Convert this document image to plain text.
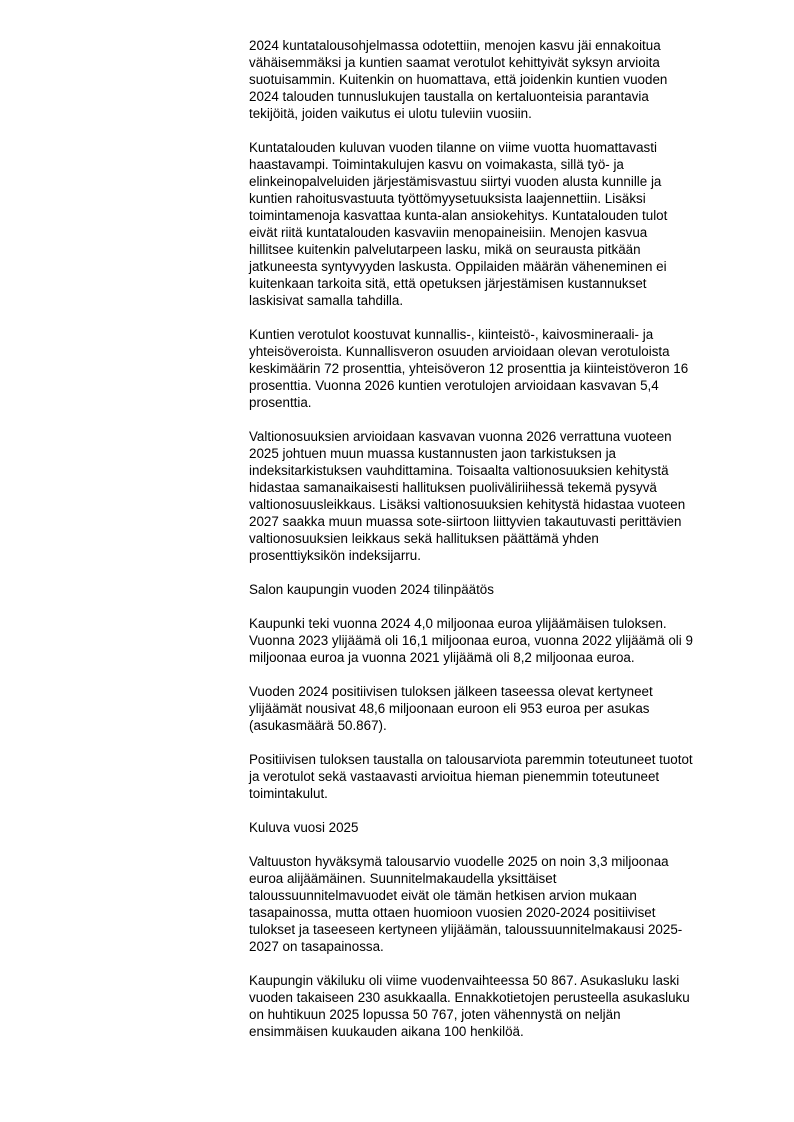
2024 kuntatalousohjelmassa odotettiin, menojen kasvu jäi ennakoitua
vähäisemmäksi ja kuntien saamat verotulot kehittyivät syksyn arvioita
suotuisammin. Kuitenkin on huomattava, että joidenkin kuntien vuoden
2024 talouden tunnuslukujen taustalla on kertaluonteisia parantavia
tekijöitä, joiden vaikutus ei ulotu tuleviin vuosiin.

Kuntatalouden kuluvan vuoden tilanne on viime vuotta huomattavasti
haastavampi. Toimintakulujen kasvu on voimakasta, sillä työ- ja
elinkeinopalveluiden järjestämisvastuu siirtyi vuoden alusta kunnille ja
kuntien rahoitusvastuuta työttömyysetuuksista laajennettiin. Lisäksi
toimintamenoja kasvattaa kunta-alan ansiokehitys. Kuntatalouden tulot
eivät riitä kuntatalouden kasvaviin menopaineisiin. Menojen kasvua
hillitsee kuitenkin palvelutarpeen lasku, mikä on seurausta pitkään
jatkuneesta syntyvyyden laskusta. Oppilaiden määrän väheneminen ei
kuitenkaan tarkoita sitä, että opetuksen järjestämisen kustannukset
laskisivat samalla tahdilla.

Kuntien verotulot koostuvat kunnallis-, kiinteistö-, kaivosmineraali- ja
yhteisöveroista. Kunnallisveron osuuden arvioidaan olevan verotuloista
keskimäärin 72 prosenttia, yhteisöveron 12 prosenttia ja kiinteistöveron 16
prosenttia. Vuonna 2026 kuntien verotulojen arvioidaan kasvavan 5,4
prosenttia.

Valtionosuuksien arvioidaan kasvavan vuonna 2026 verrattuna vuoteen
2025 johtuen muun muassa kustannusten jaon tarkistuksen ja
indeksitarkistuksen vauhdittamina. Toisaalta valtionosuuksien kehitystä
hidastaa samanaikaisesti hallituksen puoliväliriihessä tekemä pysyvä
valtionosuusleikkaus. Lisäksi valtionosuuksien kehitystä hidastaa vuoteen
2027 saakka muun muassa sote-siirtoon liittyvien takautuvasti perittävien
valtionosuuksien leikkaus sekä hallituksen päättämä yhden
prosenttiyksikön indeksijarru.

Salon kaupungin vuoden 2024 tilinpäätös

Kaupunki teki vuonna 2024 4,0 miljoonaa euroa ylijäämäisen tuloksen.
Vuonna 2023 ylijäämä oli 16,1 miljoonaa euroa, vuonna 2022 ylijäämä oli 9
miljoonaa euroa ja vuonna 2021 ylijäämä oli 8,2 miljoonaa euroa.

Vuoden 2024 positiivisen tuloksen jälkeen taseessa olevat kertyneet
ylijäämät nousivat 48,6 miljoonaan euroon eli 953 euroa per asukas
(asukasmäärä 50.867).

Positiivisen tuloksen taustalla on talousarviota paremmin toteutuneet tuotot
ja verotulot sekä vastaavasti arvioitua hieman pienemmin toteutuneet
toimintakulut.

Kuluva vuosi 2025

Valtuuston hyväksymä talousarvio vuodelle 2025 on noin 3,3 miljoonaa
euroa alijäämäinen. Suunnitelmakaudella yksittäiset
taloussuunnitelmavuodet eivät ole tämän hetkisen arvion mukaan
tasapainossa, mutta ottaen huomioon vuosien 2020-2024 positiiviset
tulokset ja taseeseen kertyneen ylijäämän, taloussuunnitelmakausi 2025-
2027 on tasapainossa.

Kaupungin väkiluku oli viime vuodenvaihteessa 50 867. Asukasluku laski
vuoden takaiseen 230 asukkaalla. Ennakkotietojen perusteella asukasluku
on huhtikuun 2025 lopussa 50 767, joten vähennystä on neljän
ensimmäisen kuukauden aikana 100 henkilöä.
